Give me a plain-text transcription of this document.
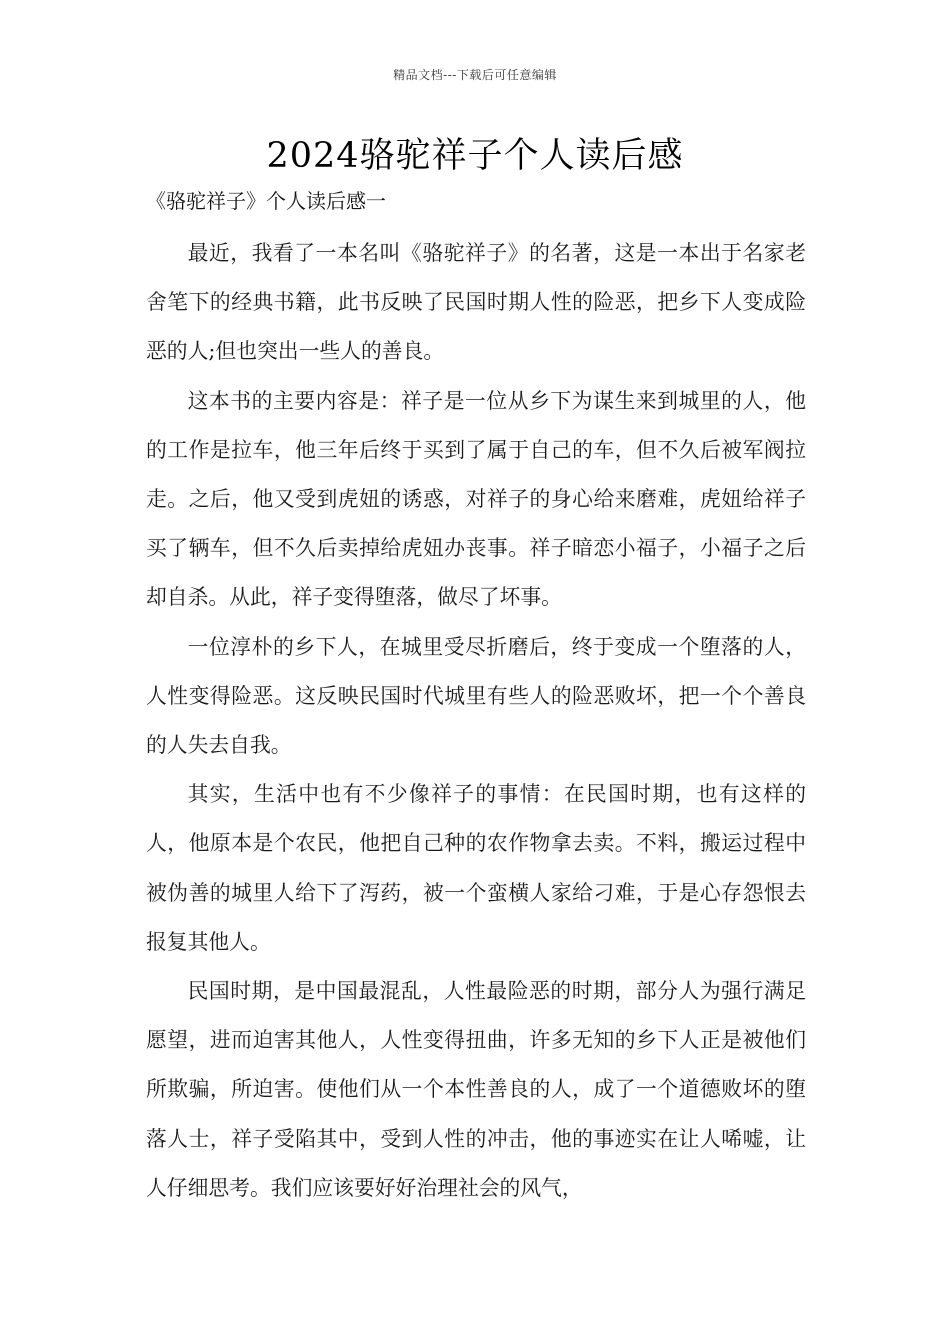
精品文档---下载后可任意编辑
2024骆驼祥子个人读后感
《骆驼祥子》个人读后感一

最近，我看了一本名叫《骆驼祥子》的名著，这是一本出于名家老舍笔下的经典书籍，此书反映了民国时期人性的险恶，把乡下人变成险恶的人;但也突出一些人的善良。

这本书的主要内容是：祥子是一位从乡下为谋生来到城里的人，他的工作是拉车，他三年后终于买到了属于自己的车，但不久后被军阀拉走。之后，他又受到虎妞的诱惑，对祥子的身心给来磨难，虎妞给祥子买了辆车，但不久后卖掉给虎妞办丧事。祥子暗恋小福子，小福子之后却自杀。从此，祥子变得堕落，做尽了坏事。

一位淳朴的乡下人，在城里受尽折磨后，终于变成一个堕落的人，人性变得险恶。这反映民国时代城里有些人的险恶败坏，把一个个善良的人失去自我。

其实，生活中也有不少像祥子的事情：在民国时期，也有这样的人，他原本是个农民，他把自己种的农作物拿去卖。不料，搬运过程中被伪善的城里人给下了泻药，被一个蛮横人家给刁难，于是心存怨恨去报复其他人。

民国时期，是中国最混乱，人性最险恶的时期，部分人为强行满足愿望，进而迫害其他人，人性变得扭曲，许多无知的乡下人正是被他们所欺骗，所迫害。使他们从一个本性善良的人，成了一个道德败坏的堕落人士，祥子受陷其中，受到人性的冲击，他的事迹实在让人唏嘘，让人仔细思考。我们应该要好好治理社会的风气，
